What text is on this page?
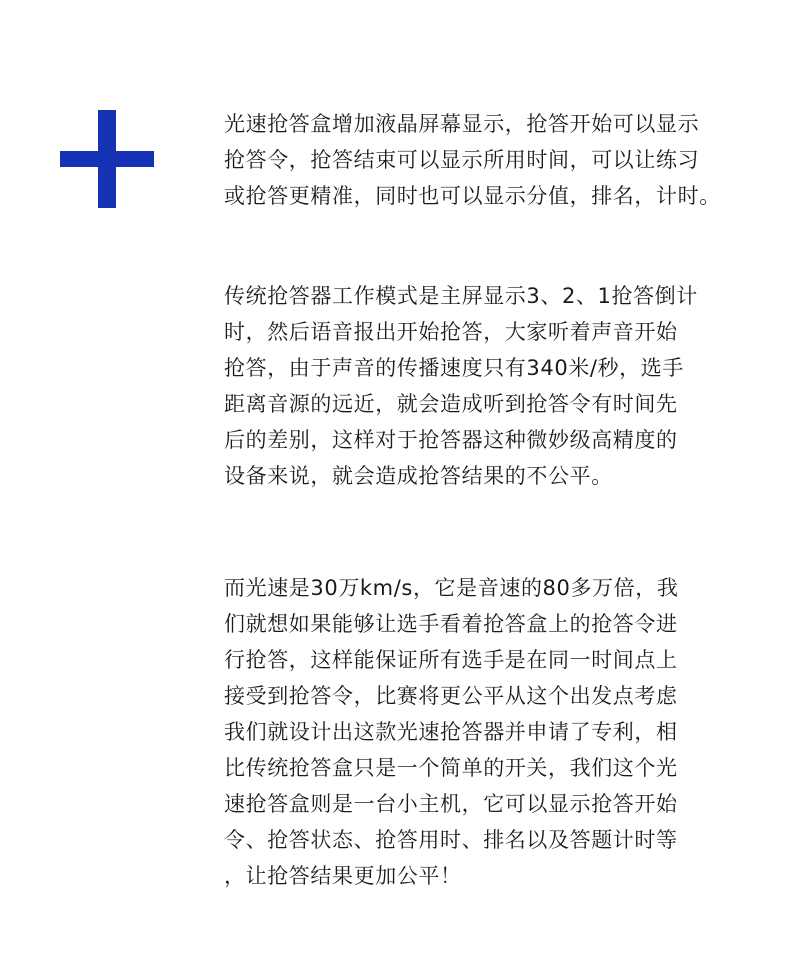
光速抢答盒增加液晶屏幕显示，抢答开始可以显示
抢答令，抢答结束可以显示所用时间，可以让练习
或抢答更精准，同时也可以显示分值，排名，计时。

传统抢答器工作模式是主屏显示3、2、1抢答倒计
时，然后语音报出开始抢答，大家听着声音开始
抢答，由于声音的传播速度只有340米/秒，选手
距离音源的远近，就会造成听到抢答令有时间先
后的差别，这样对于抢答器这种微妙级高精度的
设备来说，就会造成抢答结果的不公平。

而光速是30万km/s，它是音速的80多万倍，我
们就想如果能够让选手看着抢答盒上的抢答令进
行抢答，这样能保证所有选手是在同一时间点上
接受到抢答令，比赛将更公平从这个出发点考虑
我们就设计出这款光速抢答器并申请了专利，相
比传统抢答盒只是一个简单的开关，我们这个光
速抢答盒则是一台小主机，它可以显示抢答开始
令、抢答状态、抢答用时、排名以及答题计时等
，让抢答结果更加公平！
